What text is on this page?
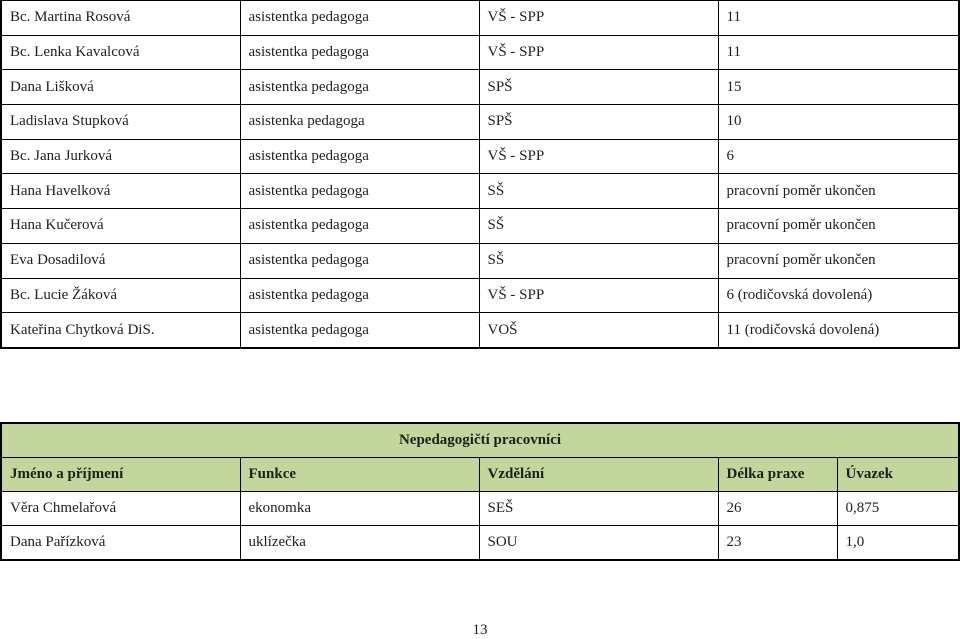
Bc. Martina Rosová	asistentka pedagoga	VŠ - SPP	11
Bc. Lenka Kavalcová	asistentka pedagoga	VŠ - SPP	11
Dana Lišková	asistentka pedagoga	SPŠ	15
Ladislava Stupková	asistenka pedagoga	SPŠ	10
Bc. Jana Jurková	asistentka pedagoga	VŠ - SPP	6
Hana Havelková	asistentka pedagoga	SŠ	pracovní poměr ukončen
Hana Kučerová	asistentka pedagoga	SŠ	pracovní poměr ukončen
Eva Dosadilová	asistentka pedagoga	SŠ	pracovní poměr ukončen
Bc. Lucie Žáková	asistentka pedagoga	VŠ - SPP	6 (rodičovská dovolená)
Kateřina Chytková DiS.	asistentka pedagoga	VOŠ	11 (rodičovská dovolená)
Nepedagogičtí pracovníci				
Jméno a příjmení	Funkce	Vzdělání	Délka praxe	Úvazek
Věra Chmelařová	ekonomka	SEŠ	26	0,875
Dana Pařízková	uklízečka	SOU	23	1,0
13
